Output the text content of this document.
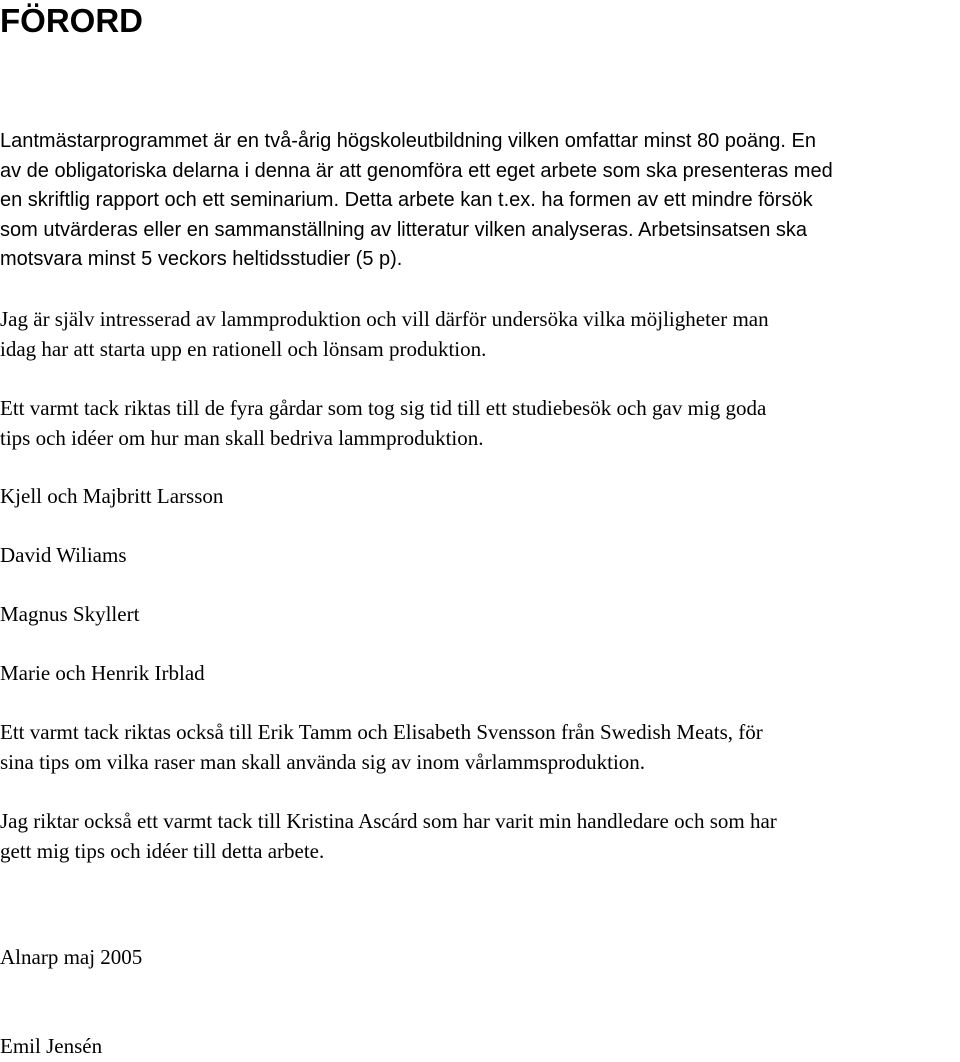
FÖRORD
Lantmästarprogrammet är en två-årig högskoleutbildning vilken omfattar minst 80 poäng. En
av de obligatoriska delarna i denna är att genomföra ett eget arbete som ska presenteras med
en skriftlig rapport och ett seminarium. Detta arbete kan t.ex. ha formen av ett mindre försök
som utvärderas eller en sammanställning av litteratur vilken analyseras. Arbetsinsatsen ska
motsvara minst 5 veckors heltidsstudier (5 p).
Jag är själv intresserad av lammproduktion och vill därför undersöka vilka möjligheter man
idag har att starta upp en rationell och lönsam produktion.
Ett varmt tack riktas till de fyra gårdar som tog sig tid till ett studiebesök och gav mig goda
tips och idéer om hur man skall bedriva lammproduktion.
Kjell och Majbritt Larsson
David Wiliams
Magnus Skyllert
Marie och Henrik Irblad
Ett varmt tack riktas också till Erik Tamm och Elisabeth Svensson från Swedish Meats, för
sina tips om vilka raser man skall använda sig av inom vårlammsproduktion.
Jag riktar också ett varmt tack till Kristina Ascárd som har varit min handledare och som har
gett mig tips och idéer till detta arbete.
Alnarp maj 2005
Emil Jensén
